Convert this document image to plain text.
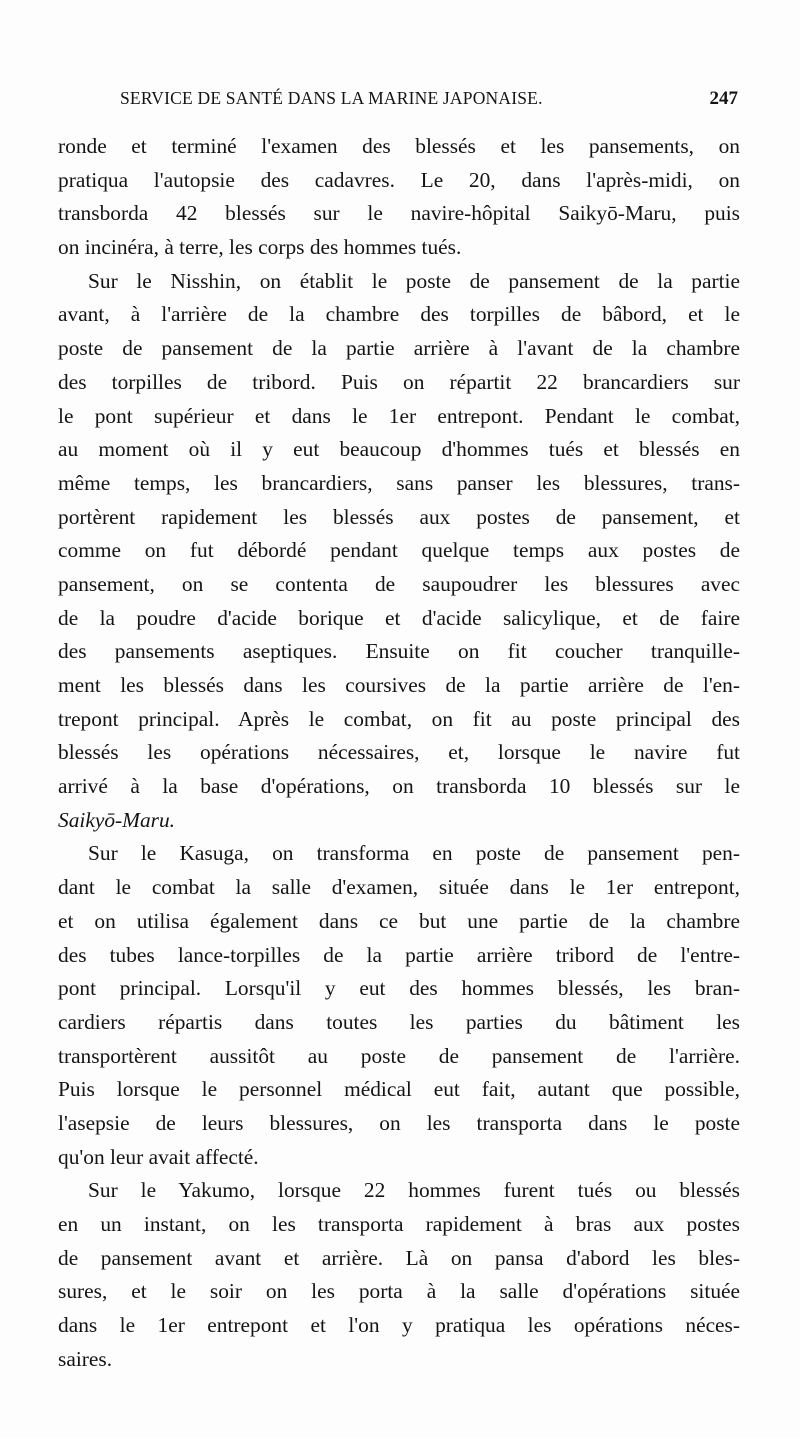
SERVICE DE SANTÉ DANS LA MARINE JAPONAISE.	247
ronde et terminé l'examen des blessés et les pansements, on
pratiqua l'autopsie des cadavres. Le 20, dans l'après-midi, on
transborda 42 blessés sur le navire-hôpital Saikyō-Maru, puis
on incinéra, à terre, les corps des hommes tués.
Sur le Nisshin, on établit le poste de pansement de la partie
avant, à l'arrière de la chambre des torpilles de bâbord, et le
poste de pansement de la partie arrière à l'avant de la chambre
des torpilles de tribord. Puis on répartit 22 brancardiers sur
le pont supérieur et dans le 1er entrepont. Pendant le combat,
au moment où il y eut beaucoup d'hommes tués et blessés en
même temps, les brancardiers, sans panser les blessures, trans-
portèrent rapidement les blessés aux postes de pansement, et
comme on fut débordé pendant quelque temps aux postes de
pansement, on se contenta de saupoudrer les blessures avec
de la poudre d'acide borique et d'acide salicylique, et de faire
des pansements aseptiques. Ensuite on fit coucher tranquille-
ment les blessés dans les coursives de la partie arrière de l'en-
trepont principal. Après le combat, on fit au poste principal des
blessés les opérations nécessaires, et, lorsque le navire fut
arrivé à la base d'opérations, on transborda 10 blessés sur le
Saikyō-Maru.
Sur le Kasuga, on transforma en poste de pansement pen-
dant le combat la salle d'examen, située dans le 1er entrepont,
et on utilisa également dans ce but une partie de la chambre
des tubes lance-torpilles de la partie arrière tribord de l'entre-
pont principal. Lorsqu'il y eut des hommes blessés, les bran-
cardiers répartis dans toutes les parties du bâtiment les
transportèrent aussitôt au poste de pansement de l'arrière.
Puis lorsque le personnel médical eut fait, autant que possible,
l'asepsie de leurs blessures, on les transporta dans le poste
qu'on leur avait affecté.
Sur le Yakumo, lorsque 22 hommes furent tués ou blessés
en un instant, on les transporta rapidement à bras aux postes
de pansement avant et arrière. Là on pansa d'abord les bles-
sures, et le soir on les porta à la salle d'opérations située
dans le 1er entrepont et l'on y pratiqua les opérations néces-
saires.
